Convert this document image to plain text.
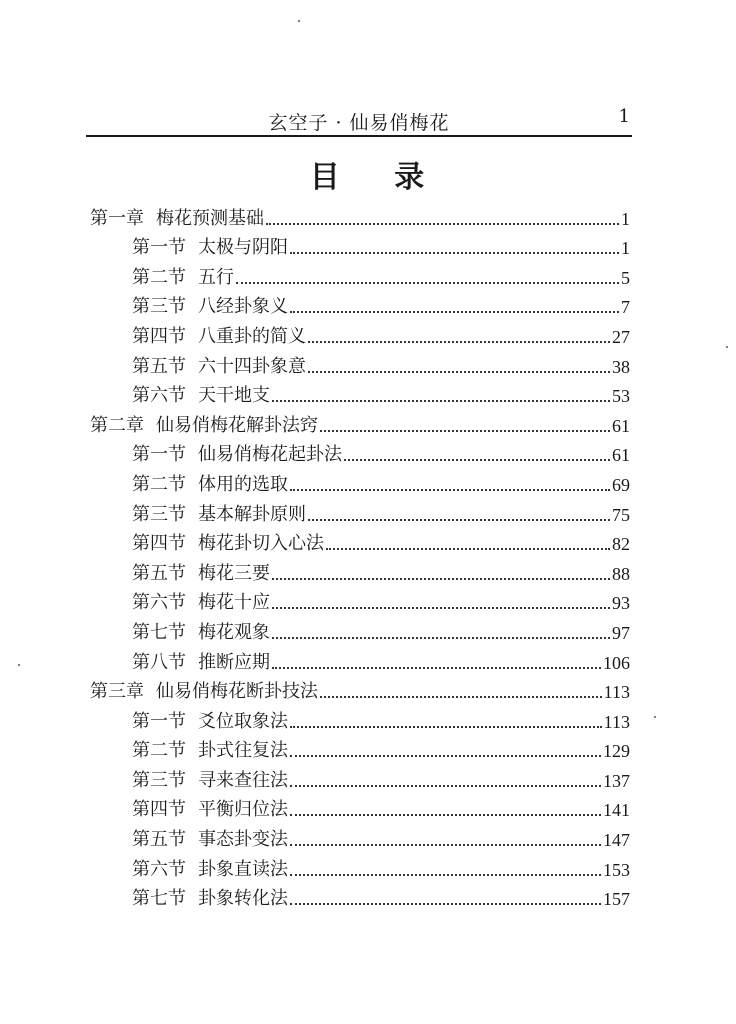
玄空子 · 仙易俏梅花	1
目 录
第一章 梅花预测基础	1
第一节 太极与阴阳	1
第二节 五行	5
第三节 八经卦象义	7
第四节 八重卦的简义	27
第五节 六十四卦象意	38
第六节 天干地支	53
第二章 仙易俏梅花解卦法窍	61
第一节 仙易俏梅花起卦法	61
第二节 体用的选取	69
第三节 基本解卦原则	75
第四节 梅花卦切入心法	82
第五节 梅花三要	88
第六节 梅花十应	93
第七节 梅花观象	97
第八节 推断应期	106
第三章 仙易俏梅花断卦技法	113
第一节 爻位取象法	113
第二节 卦式往复法	129
第三节 寻来查往法	137
第四节 平衡归位法	141
第五节 事态卦变法	147
第六节 卦象直读法	153
第七节 卦象转化法	157
